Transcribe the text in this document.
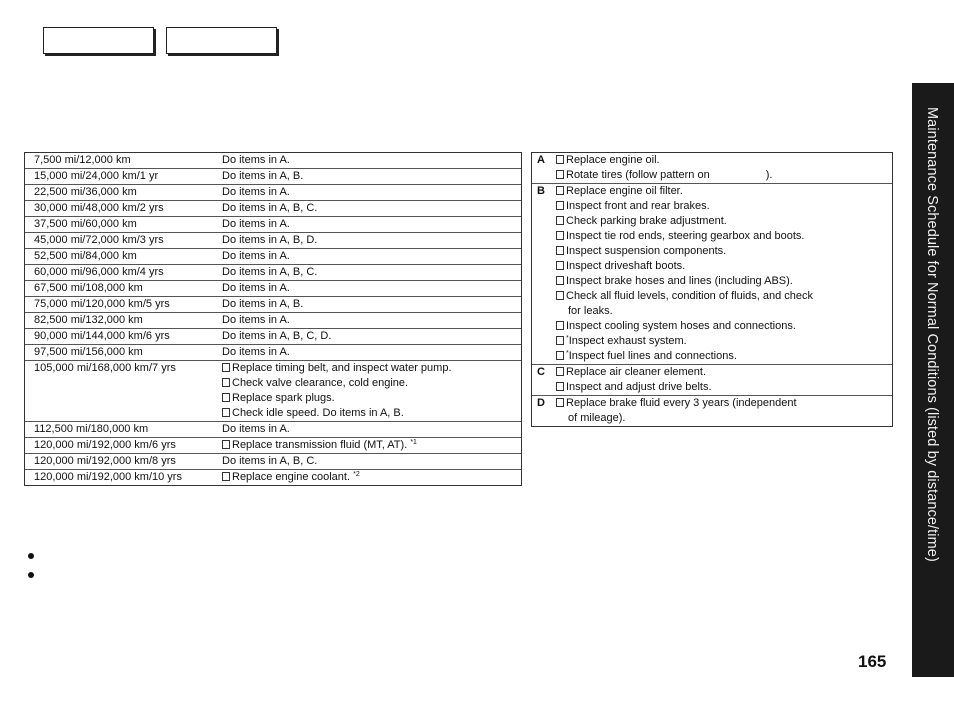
7,500 mi/12,000 km	Do items in A.
15,000 mi/24,000 km/1 yr	Do items in A, B.
22,500 mi/36,000 km	Do items in A.
30,000 mi/48,000 km/2 yrs	Do items in A, B, C.
37,500 mi/60,000 km	Do items in A.
45,000 mi/72,000 km/3 yrs	Do items in A, B, D.
52,500 mi/84,000 km	Do items in A.
60,000 mi/96,000 km/4 yrs	Do items in A, B, C.
67,500 mi/108,000 km	Do items in A.
75,000 mi/120,000 km/5 yrs	Do items in A, B.
82,500 mi/132,000 km	Do items in A.
90,000 mi/144,000 km/6 yrs	Do items in A, B, C, D.
97,500 mi/156,000 km	Do items in A.
105,000 mi/168,000 km/7 yrs	Replace timing belt, and inspect water pump.
Check valve clearance, cold engine.
Replace spark plugs.
Check idle speed. Do items in A, B.
112,500 mi/180,000 km	Do items in A.
120,000 mi/192,000 km/6 yrs	Replace transmission fluid (MT, AT). $^{*1}$
120,000 mi/192,000 km/8 yrs	Do items in A, B, C.
120,000 mi/192,000 km/10 yrs	Replace engine coolant. $^{*2}$
A	Replace engine oil.
Rotate tires (follow pattern on	).
B	Replace engine oil filter.
Inspect front and rear brakes.
Check parking brake adjustment.
Inspect tie rod ends, steering gearbox and boots.
Inspect suspension components.
Inspect driveshaft boots.
Inspect brake hoses and lines (including ABS).
Check all fluid levels, condition of fluids, and check
for leaks.
Inspect cooling system hoses and connections.
*Inspect exhaust system.
*Inspect fuel lines and connections.
C	Replace air cleaner element.
Inspect and adjust drive belts.
D	Replace brake fluid every 3 years (independent
of mileage).
165
Maintenance Schedule for Normal Conditions (listed by distance/time)
